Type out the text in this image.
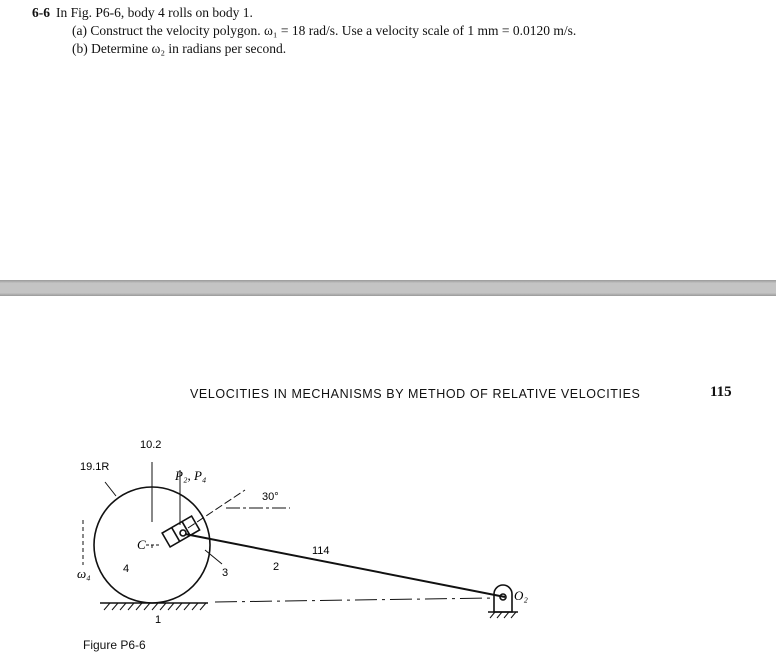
6-6 In Fig. P6-6, body 4 rolls on body 1.
(a) Construct the velocity polygon. ω₁ = 18 rad/s. Use a velocity scale of 1 mm = 0.0120 m/s.
(b) Determine ω₂ in radians per second.
VELOCITIES IN MECHANISMS BY METHOD OF RELATIVE VELOCITIES	115
10.2
19.1R
P₂, P₄
30°
114
C
ω₄	4	3	2
1
O₂
Figure P6-6
